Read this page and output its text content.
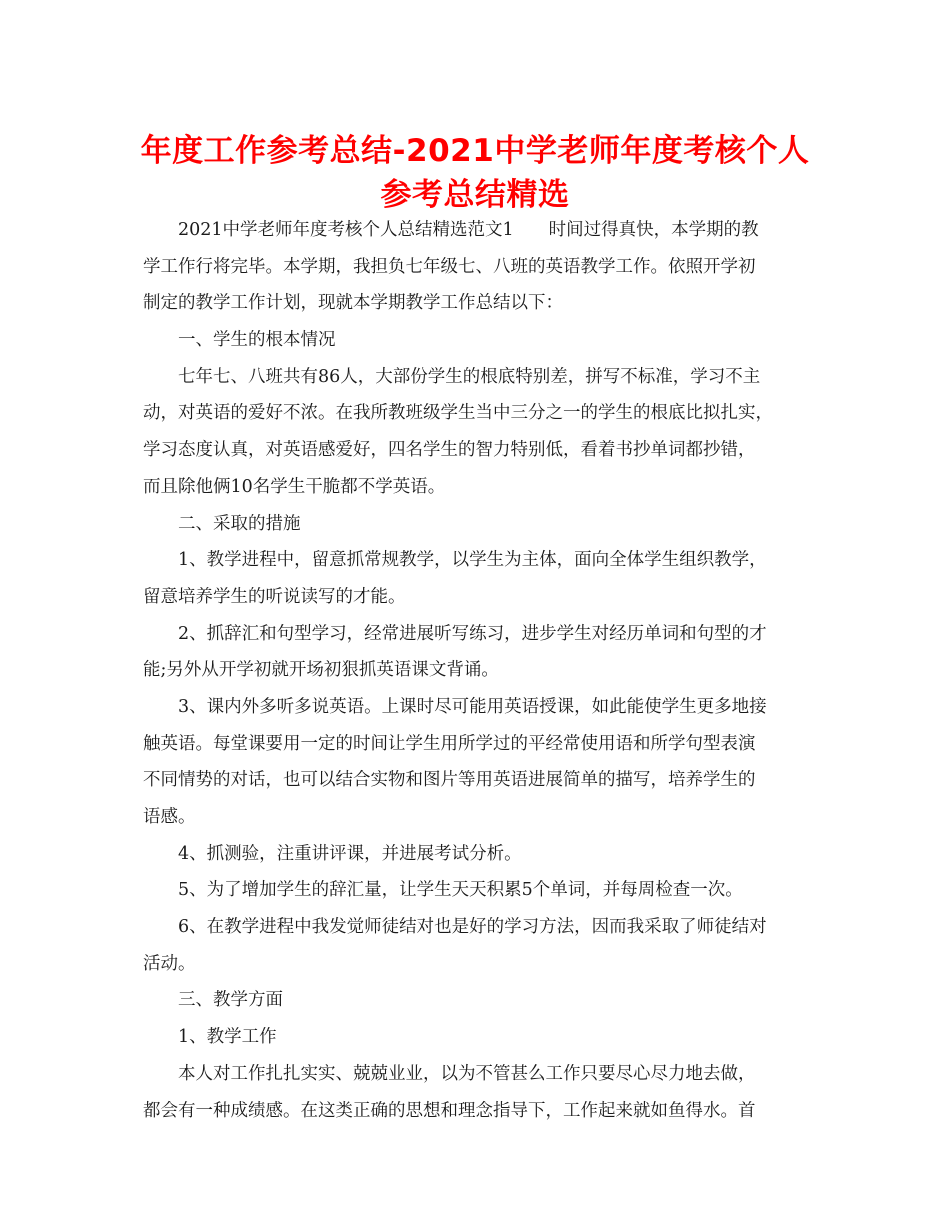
年度工作参考总结-2021中学老师年度考核个人
参考总结精选
2021中学老师年度考核个人总结精选范文1　　时间过得真快，本学期的教
学工作行将完毕。本学期，我担负七年级七、八班的英语教学工作。依照开学初
制定的教学工作计划，现就本学期教学工作总结以下：
一、学生的根本情况
七年七、八班共有86人，大部份学生的根底特别差，拼写不标准，学习不主
动，对英语的爱好不浓。在我所教班级学生当中三分之一的学生的根底比拟扎实，
学习态度认真，对英语感爱好，四名学生的智力特别低，看着书抄单词都抄错，
而且除他俩10名学生干脆都不学英语。
二、采取的措施
1、教学进程中，留意抓常规教学，以学生为主体，面向全体学生组织教学，
留意培养学生的听说读写的才能。
2、抓辞汇和句型学习，经常进展听写练习，进步学生对经历单词和句型的才
能;另外从开学初就开场初狠抓英语课文背诵。
3、课内外多听多说英语。上课时尽可能用英语授课，如此能使学生更多地接
触英语。每堂课要用一定的时间让学生用所学过的平经常使用语和所学句型表演
不同情势的对话，也可以结合实物和图片等用英语进展简单的描写，培养学生的
语感。
4、抓测验，注重讲评课，并进展考试分析。
5、为了增加学生的辞汇量，让学生天天积累5个单词，并每周检查一次。
6、在教学进程中我发觉师徒结对也是好的学习方法，因而我采取了师徒结对
活动。
三、教学方面
1、教学工作
本人对工作扎扎实实、兢兢业业，以为不管甚么工作只要尽心尽力地去做，
都会有一种成绩感。在这类正确的思想和理念指导下，工作起来就如鱼得水。首
